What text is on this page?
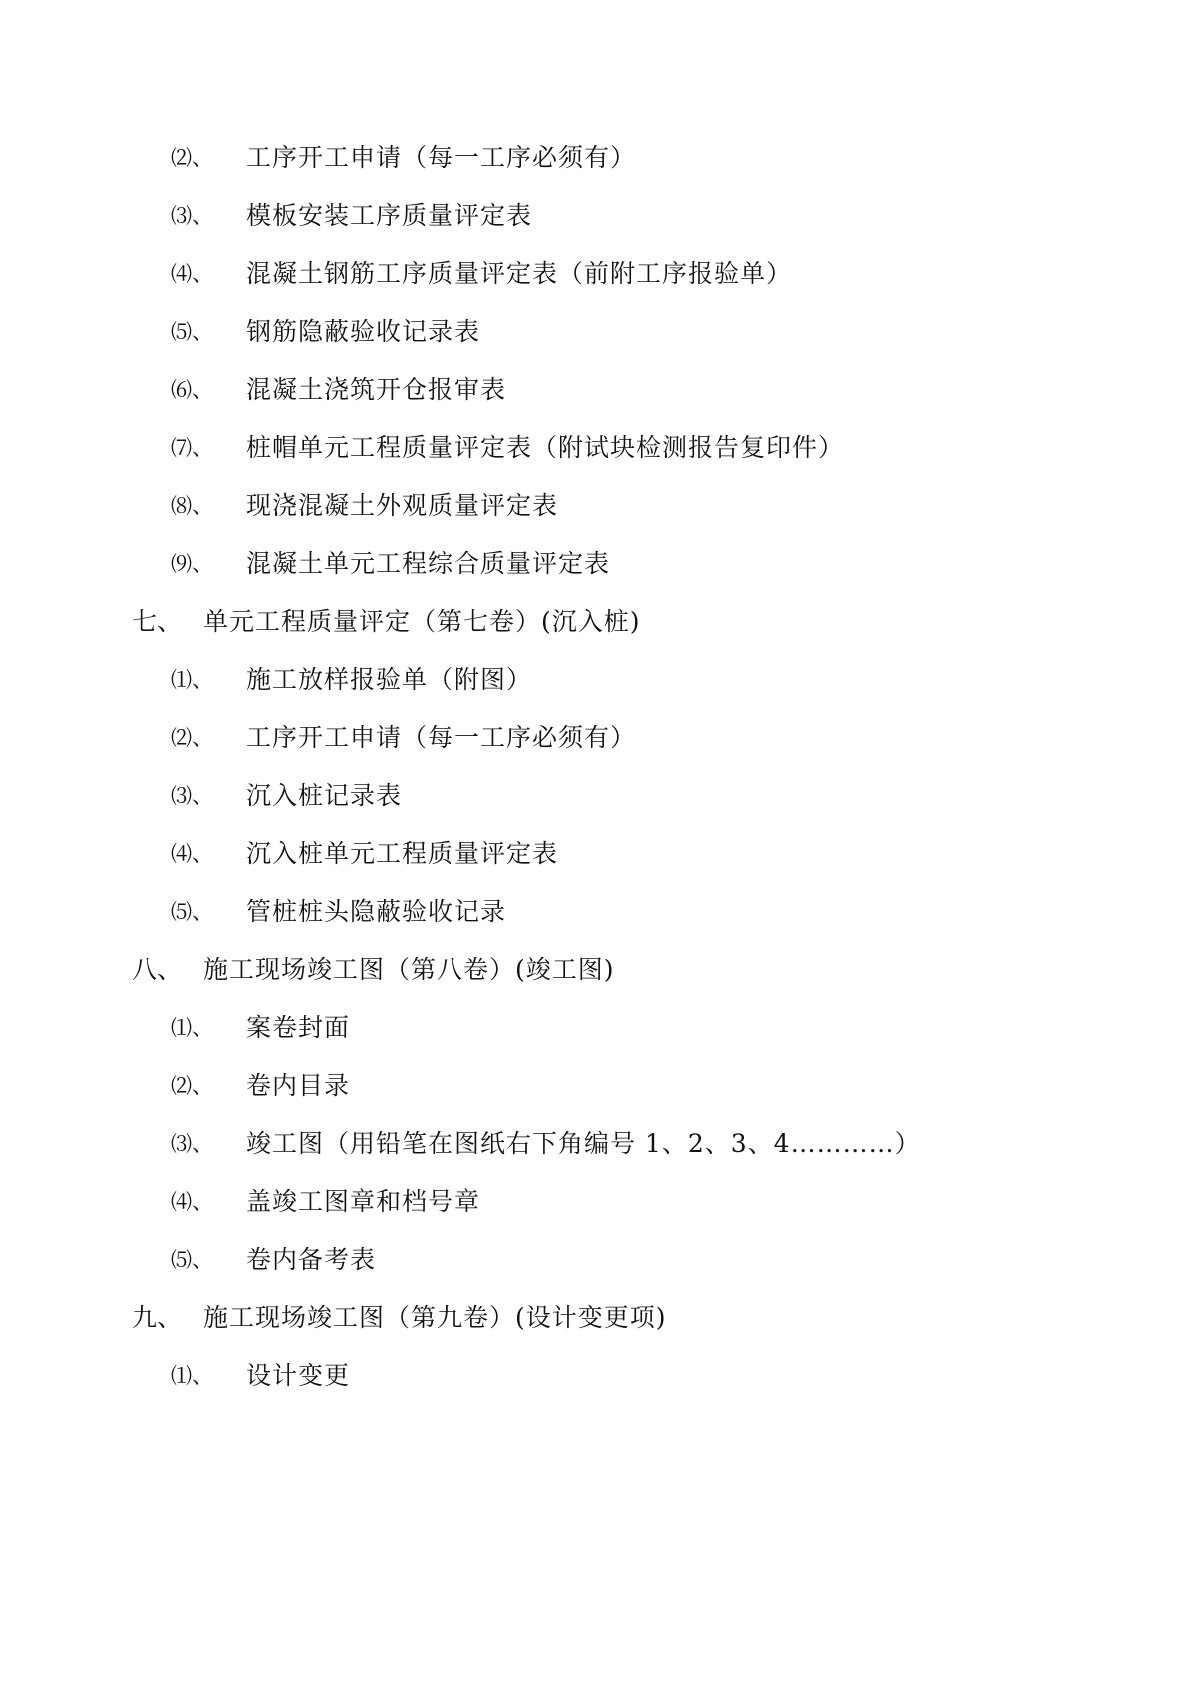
⑵、	工序开工申请（每一工序必须有）
⑶、	模板安装工序质量评定表
⑷、	混凝土钢筋工序质量评定表（前附工序报验单）
⑸、	钢筋隐蔽验收记录表
⑹、	混凝土浇筑开仓报审表
⑺、	桩帽单元工程质量评定表（附试块检测报告复印件）
⑻、	现浇混凝土外观质量评定表
⑼、	混凝土单元工程综合质量评定表
七、 单元工程质量评定（第七卷）(沉入桩)
⑴、	施工放样报验单（附图）
⑵、	工序开工申请（每一工序必须有）
⑶、	沉入桩记录表
⑷、	沉入桩单元工程质量评定表
⑸、	管桩桩头隐蔽验收记录
八、 施工现场竣工图（第八卷）(竣工图)
⑴、	案卷封面
⑵、	卷内目录
⑶、	竣工图（用铅笔在图纸右下角编号 1、2、3、4…………）
⑷、	盖竣工图章和档号章
⑸、	卷内备考表
九、 施工现场竣工图（第九卷）(设计变更项)
⑴、	设计变更
